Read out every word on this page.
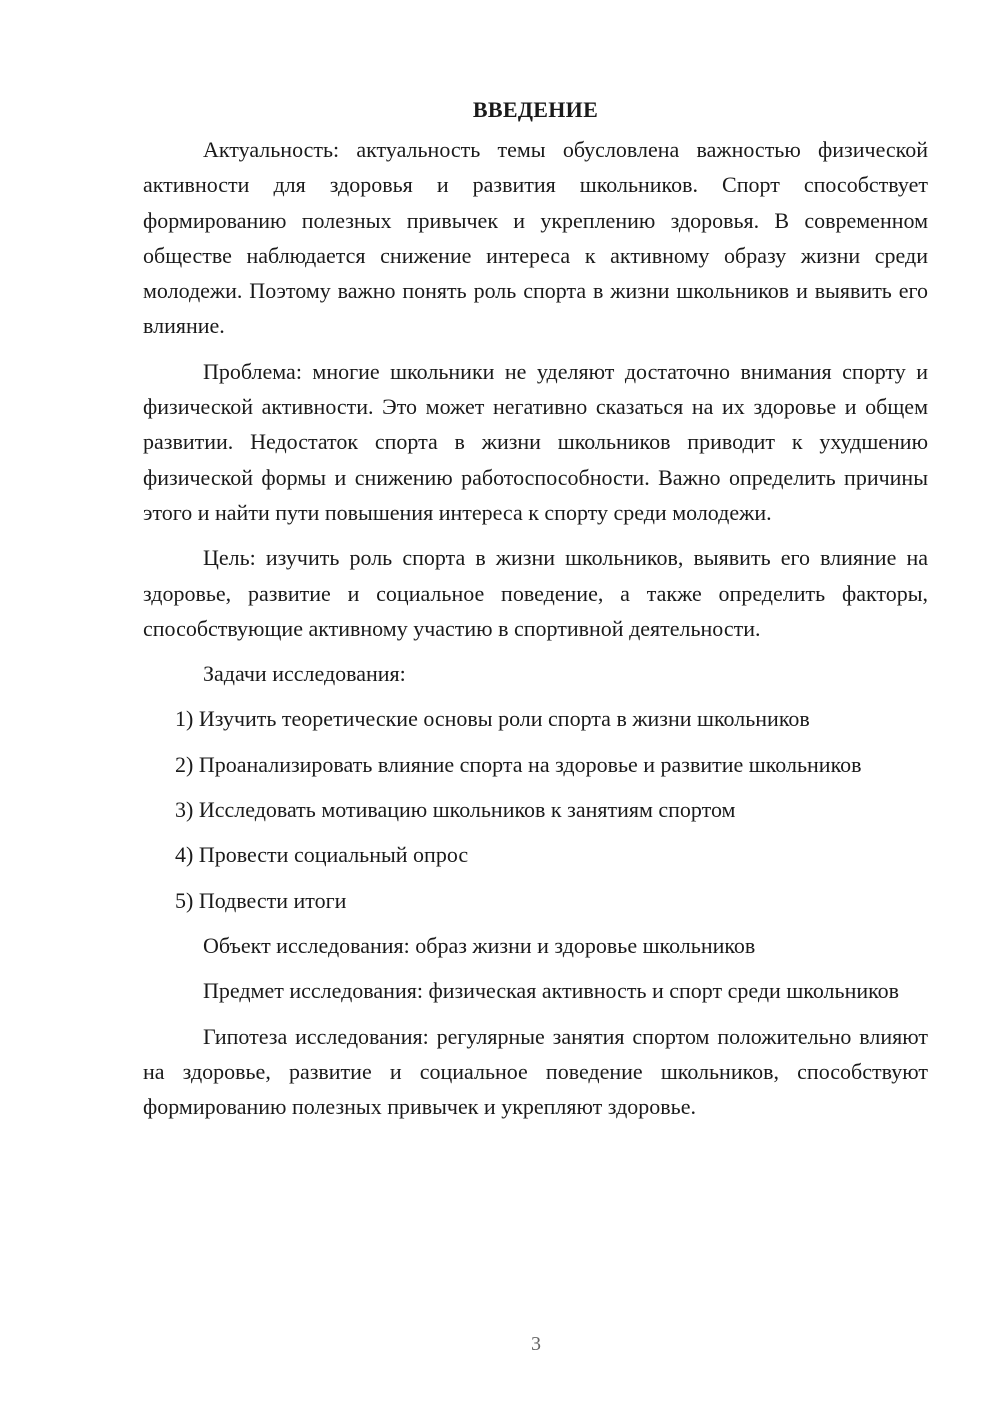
ВВЕДЕНИЕ

Актуальность: актуальность темы обусловлена важностью физической активности для здоровья и развития школьников. Спорт способствует формированию полезных привычек и укреплению здоровья. В современном обществе наблюдается снижение интереса к активному образу жизни среди молодежи. Поэтому важно понять роль спорта в жизни школьников и выявить его влияние.

Проблема: многие школьники не уделяют достаточно внимания спорту и физической активности. Это может негативно сказаться на их здоровье и общем развитии. Недостаток спорта в жизни школьников приводит к ухудшению физической формы и снижению работоспособности. Важно определить причины этого и найти пути повышения интереса к спорту среди молодежи.

Цель: изучить роль спорта в жизни школьников, выявить его влияние на здоровье, развитие и социальное поведение, а также определить факторы, способствующие активному участию в спортивной деятельности.

Задачи исследования:

1) Изучить теоретические основы роли спорта в жизни школьников

2) Проанализировать влияние спорта на здоровье и развитие школьников

3) Исследовать мотивацию школьников к занятиям спортом

4) Провести социальный опрос

5) Подвести итоги

Объект исследования: образ жизни и здоровье школьников

Предмет исследования: физическая активность и спорт среди школьников

Гипотеза исследования: регулярные занятия спортом положительно влияют на здоровье, развитие и социальное поведение школьников, способствуют формированию полезных привычек и укрепляют здоровье.

3
